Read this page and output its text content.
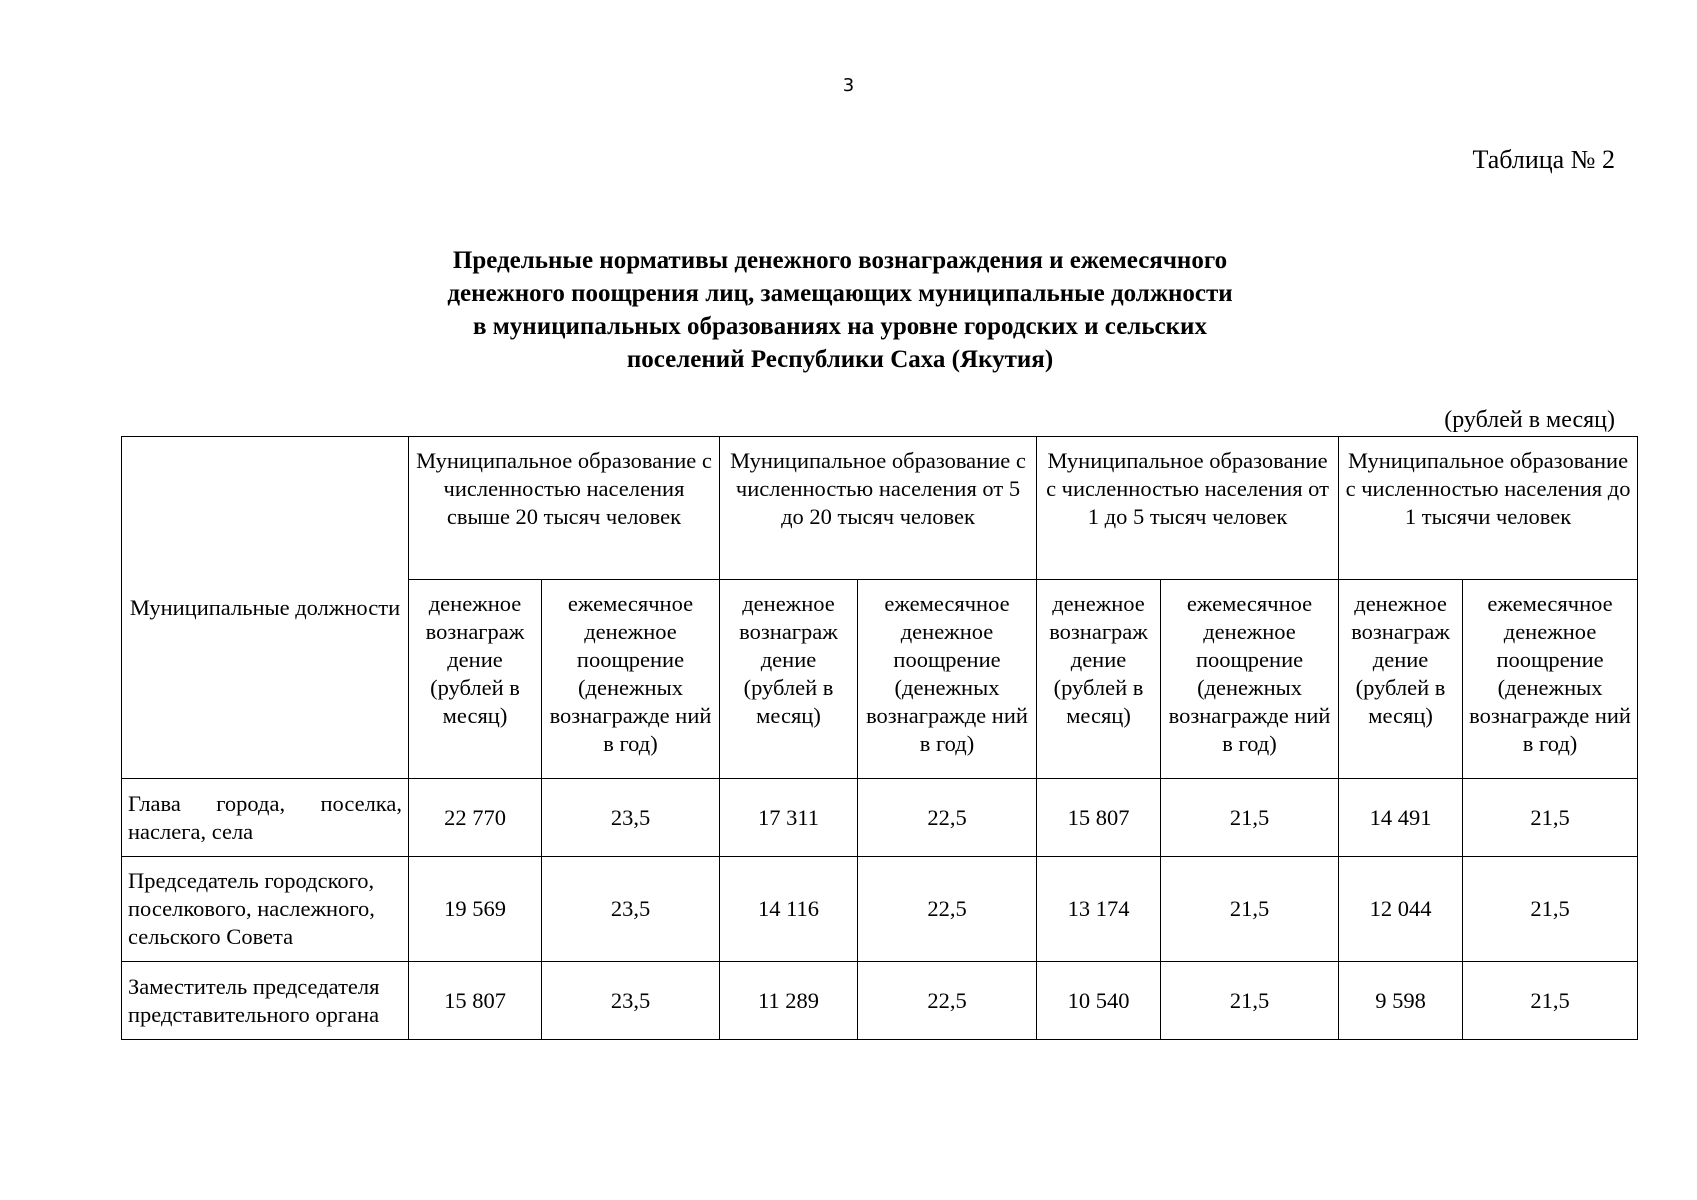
3
Таблица № 2
Предельные нормативы денежного вознаграждения и ежемесячного
денежного поощрения лиц, замещающих муниципальные должности
в муниципальных образованиях на уровне городских и сельских
поселений Республики Саха (Якутия)
(рублей в месяц)
Муниципальные должности	Муниципальное образование с численностью населения свыше 20 тысяч человек		Муниципальное образование с численностью населения от 5 до 20 тысяч человек		Муниципальное образование с численностью населения от 1 до 5 тысяч человек		Муниципальное образование с численностью населения до 1 тысячи человек	
	денежное вознаграж дение (рублей в месяц)	ежемесячное денежное поощрение (денежных вознагражде ний в год)	денежное вознаграж дение (рублей в месяц)	ежемесячное денежное поощрение (денежных вознагражде ний в год)	денежное вознаграж дение (рублей в месяц)	ежемесячное денежное поощрение (денежных вознагражде ний в год)	денежное вознаграж дение (рублей в месяц)	ежемесячное денежное поощрение (денежных вознагражде ний в год)
Глава города, поселка, наслега, села	22 770	23,5	17 311	22,5	15 807	21,5	14 491	21,5
Председатель городского, поселкового, наслежного, сельского Совета	19 569	23,5	14 116	22,5	13 174	21,5	12 044	21,5
Заместитель председателя представительного органа	15 807	23,5	11 289	22,5	10 540	21,5	9 598	21,5
